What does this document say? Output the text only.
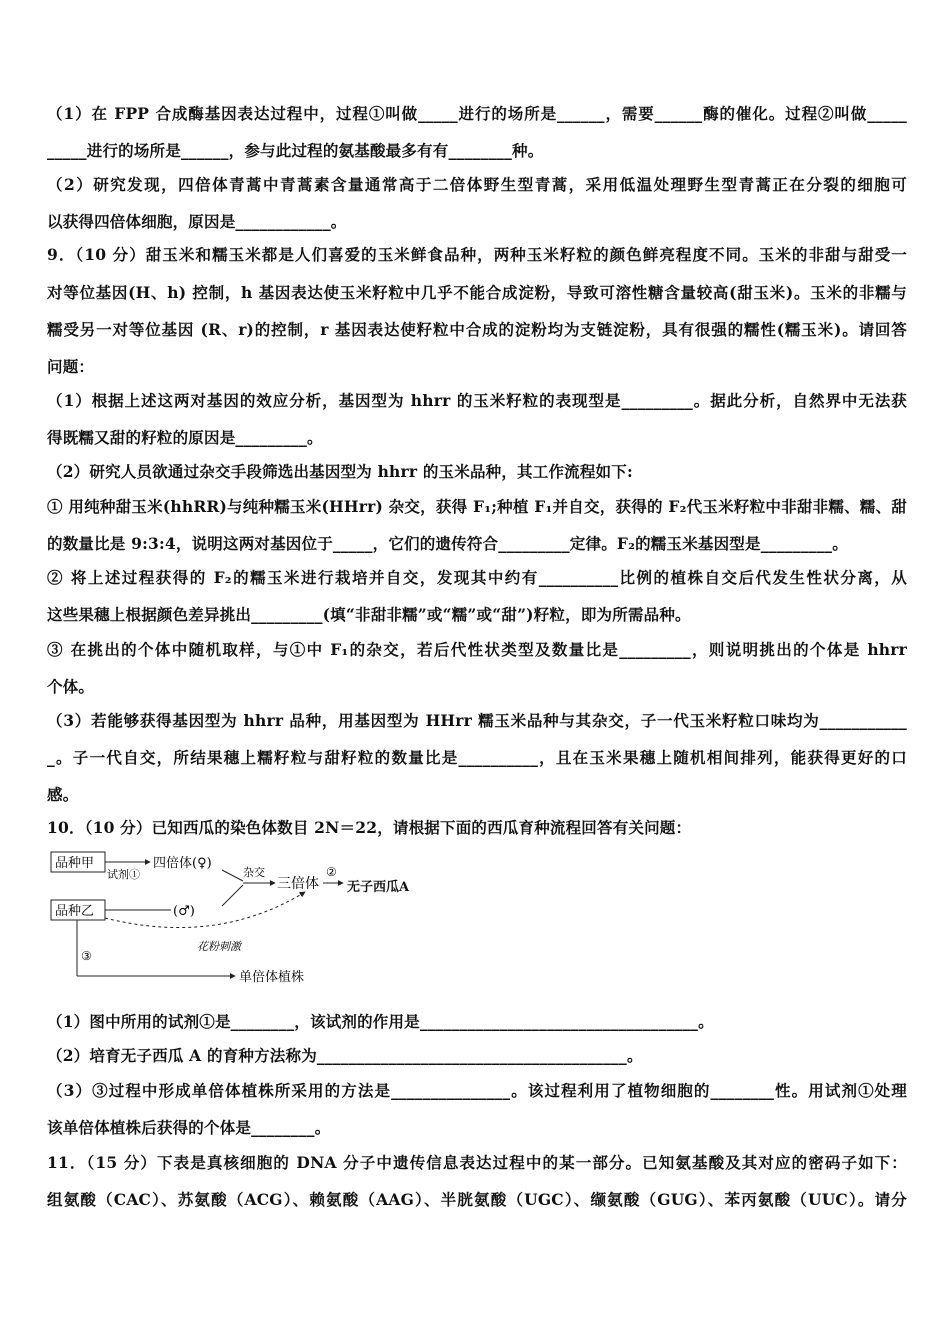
（1）在 FPP 合成酶基因表达过程中，过程①叫做_____进行的场所是______，需要______酶的催化。过程②叫做_____

_____进行的场所是______，参与此过程的氨基酸最多有有________种。

（2）研究发现，四倍体青蒿中青蒿素含量通常高于二倍体野生型青蒿，采用低温处理野生型青蒿正在分裂的细胞可

以获得四倍体细胞，原因是____________。

9．（10 分）甜玉米和糯玉米都是人们喜爱的玉米鲜食品种，两种玉米籽粒的颜色鲜亮程度不同。玉米的非甜与甜受一

对等位基因(H、h) 控制，h 基因表达使玉米籽粒中几乎不能合成淀粉，导致可溶性糖含量较高(甜玉米)。玉米的非糯与

糯受另一对等位基因 (R、r)的控制，r 基因表达使籽粒中合成的淀粉均为支链淀粉，具有很强的糯性(糯玉米)。请回答

问题：

（1）根据上述这两对基因的效应分析，基因型为 hhrr 的玉米籽粒的表现型是_________。据此分析，自然界中无法获

得既糯又甜的籽粒的原因是_________。

（2）研究人员欲通过杂交手段筛选出基因型为 hhrr 的玉米品种，其工作流程如下:

① 用纯种甜玉米(hhRR)与纯种糯玉米(HHrr) 杂交，获得 F₁;种植 F₁并自交，获得的 F₂代玉米籽粒中非甜非糯、糯、甜

的数量比是 9:3:4，说明这两对基因位于_____，它们的遗传符合_________定律。F₂的糯玉米基因型是_________。

② 将上述过程获得的 F₂的糯玉米进行栽培并自交，发现其中约有__________比例的植株自交后代发生性状分离，从

这些果穗上根据颜色差异挑出_________(填“非甜非糯”或“糯”或“甜”)籽粒，即为所需品种。

③ 在挑出的个体中随机取样，与①中 F₁的杂交，若后代性状类型及数量比是_________，则说明挑出的个体是 hhrr

个体。

（3）若能够获得基因型为 hhrr 品种，用基因型为 HHrr 糯玉米品种与其杂交，子一代玉米籽粒口味均为___________

_。子一代自交，所结果穗上糯籽粒与甜籽粒的数量比是__________，且在玉米果穗上随机相间排列，能获得更好的口

感。

10．（10 分）已知西瓜的染色体数目 2N＝22，请根据下面的西瓜育种流程回答有关问题：

品种甲
试剂①
四倍体(♀)
品种乙	(♂)
杂交
三倍体
②
花粉刺激
③
单倍体植株

无子西瓜A

（1）图中所用的试剂①是________，该试剂的作用是___________________________________。

（2）培育无子西瓜 A 的育种方法称为_______________________________________。

（3）③过程中形成单倍体植株所采用的方法是_______________。该过程利用了植物细胞的________性。用试剂①处理

该单倍体植株后获得的个体是________。

11．（15 分）下表是真核细胞的 DNA 分子中遗传信息表达过程中的某一部分。已知氨基酸及其对应的密码子如下：

组氨酸（CAC）、苏氨酸（ACG）、赖氨酸（AAG）、半胱氨酸（UGC）、缬氨酸（GUG）、苯丙氨酸（UUC）。请分
